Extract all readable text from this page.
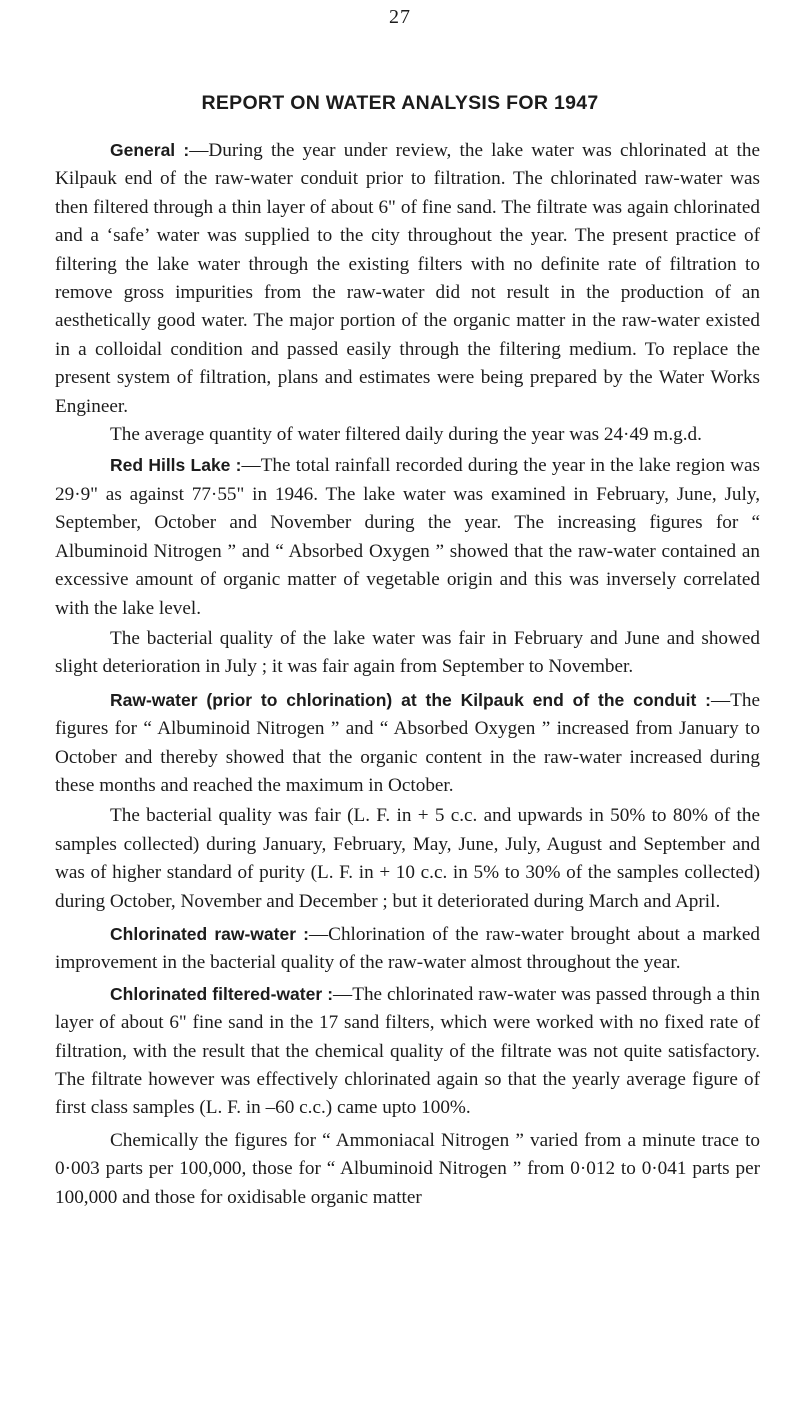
27
REPORT ON WATER ANALYSIS FOR 1947

General :—During the year under review, the lake water was chlorinated at the Kilpauk end of the raw-water conduit prior to filtration. The chlorinated raw-water was then filtered through a thin layer of about 6" of fine sand. The filtrate was again chlorinated and a ‘safe’ water was supplied to the city throughout the year. The present practice of filtering the lake water through the existing filters with no definite rate of filtration to remove gross impurities from the raw-water did not result in the production of an aesthetically good water. The major portion of the organic matter in the raw-water existed in a colloidal condition and passed easily through the filtering medium. To replace the present system of filtration, plans and estimates were being prepared by the Water Works Engineer.

The average quantity of water filtered daily during the year was 24·49 m.g.d.

Red Hills Lake :—The total rainfall recorded during the year in the lake region was 29·9" as against 77·55" in 1946. The lake water was examined in February, June, July, September, October and November during the year. The increasing figures for “ Albuminoid Nitrogen ” and “ Absorbed Oxygen ” showed that the raw-water contained an excessive amount of organic matter of vegetable origin and this was inversely correlated with the lake level.

The bacterial quality of the lake water was fair in February and June and showed slight deterioration in July ; it was fair again from September to November.

Raw-water (prior to chlorination) at the Kilpauk end of the conduit :—The figures for “ Albuminoid Nitrogen ” and “ Absorbed Oxygen ” increased from January to October and thereby showed that the organic content in the raw-water increased during these months and reached the maximum in October.

The bacterial quality was fair (L. F. in + 5 c.c. and upwards in 50% to 80% of the samples collected) during January, February, May, June, July, August and September and was of higher standard of purity (L. F. in + 10 c.c. in 5% to 30% of the samples collected) during October, November and December ; but it deteriorated during March and April.

Chlorinated raw-water :—Chlorination of the raw-water brought about a marked improvement in the bacterial quality of the raw-water almost throughout the year.

Chlorinated filtered-water :—The chlorinated raw-water was passed through a thin layer of about 6" fine sand in the 17 sand filters, which were worked with no fixed rate of filtration, with the result that the chemical quality of the filtrate was not quite satisfactory. The filtrate however was effectively chlorinated again so that the yearly average figure of first class samples (L. F. in –60 c.c.) came upto 100%.

Chemically the figures for “ Ammoniacal Nitrogen ” varied from a minute trace to 0·003 parts per 100,000, those for “ Albuminoid Nitrogen ” from 0·012 to 0·041 parts per 100,000 and those for oxidisable organic matter
